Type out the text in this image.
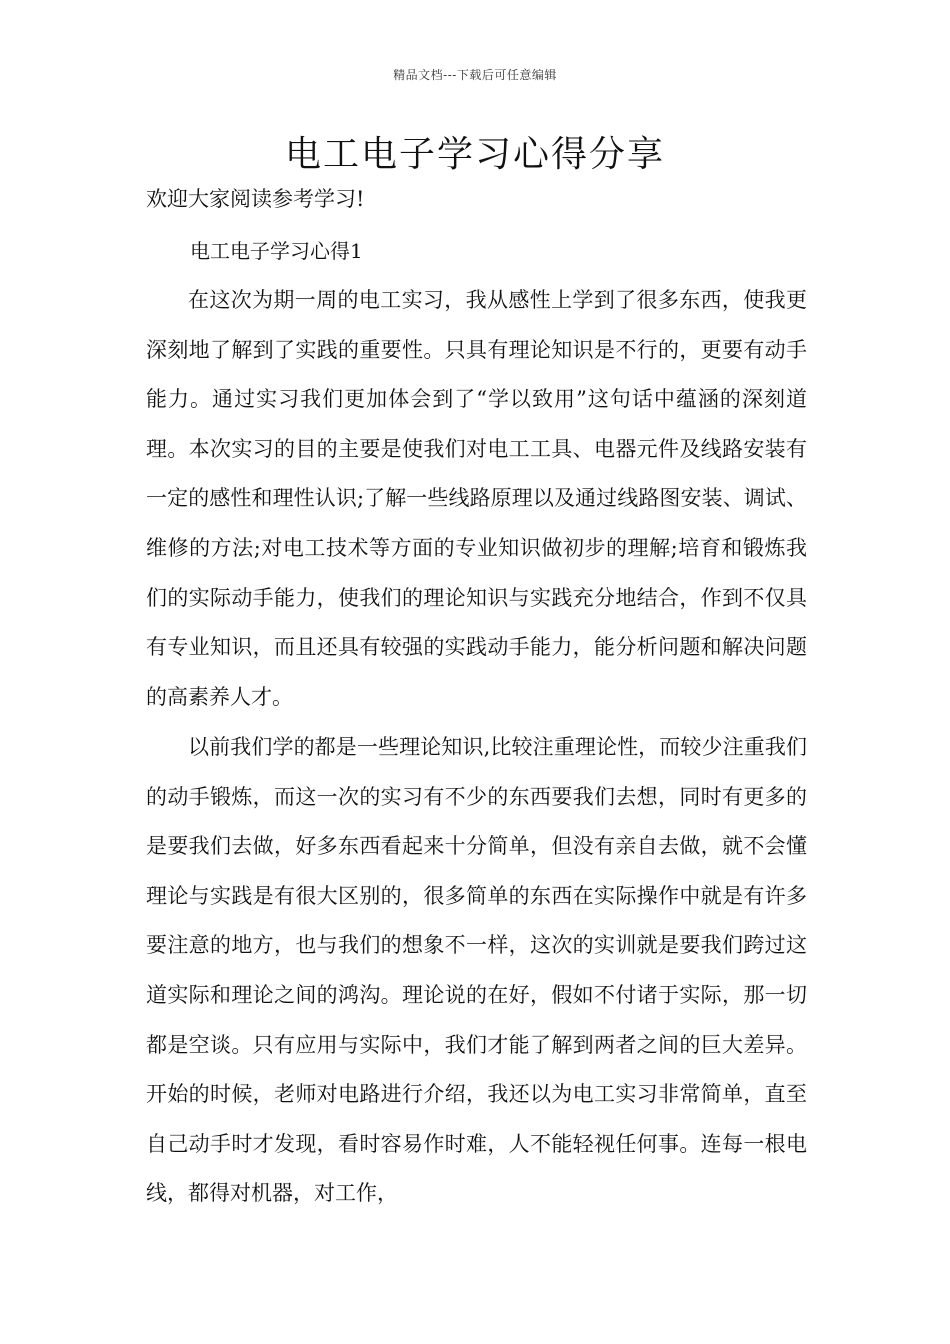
精品文档---下载后可任意编辑
电工电子学习心得分享
欢迎大家阅读参考学习!
电工电子学习心得1

在这次为期一周的电工实习，我从感性上学到了很多东西，使我更深刻地了解到了实践的重要性。只具有理论知识是不行的，更要有动手能力。通过实习我们更加体会到了“学以致用”这句话中蕴涵的深刻道理。本次实习的目的主要是使我们对电工工具、电器元件及线路安装有一定的感性和理性认识;了解一些线路原理以及通过线路图安装、调试、维修的方法;对电工技术等方面的专业知识做初步的理解;培育和锻炼我们的实际动手能力，使我们的理论知识与实践充分地结合，作到不仅具有专业知识，而且还具有较强的实践动手能力，能分析问题和解决问题的高素养人才。

以前我们学的都是一些理论知识,比较注重理论性，而较少注重我们的动手锻炼，而这一次的实习有不少的东西要我们去想，同时有更多的是要我们去做，好多东西看起来十分简单，但没有亲自去做，就不会懂理论与实践是有很大区别的，很多简单的东西在实际操作中就是有许多要注意的地方，也与我们的想象不一样，这次的实训就是要我们跨过这道实际和理论之间的鸿沟。理论说的在好，假如不付诸于实际，那一切都是空谈。只有应用与实际中，我们才能了解到两者之间的巨大差异。开始的时候，老师对电路进行介绍，我还以为电工实习非常简单，直至自己动手时才发现，看时容易作时难，人不能轻视任何事。连每一根电线，都得对机器，对工作，
